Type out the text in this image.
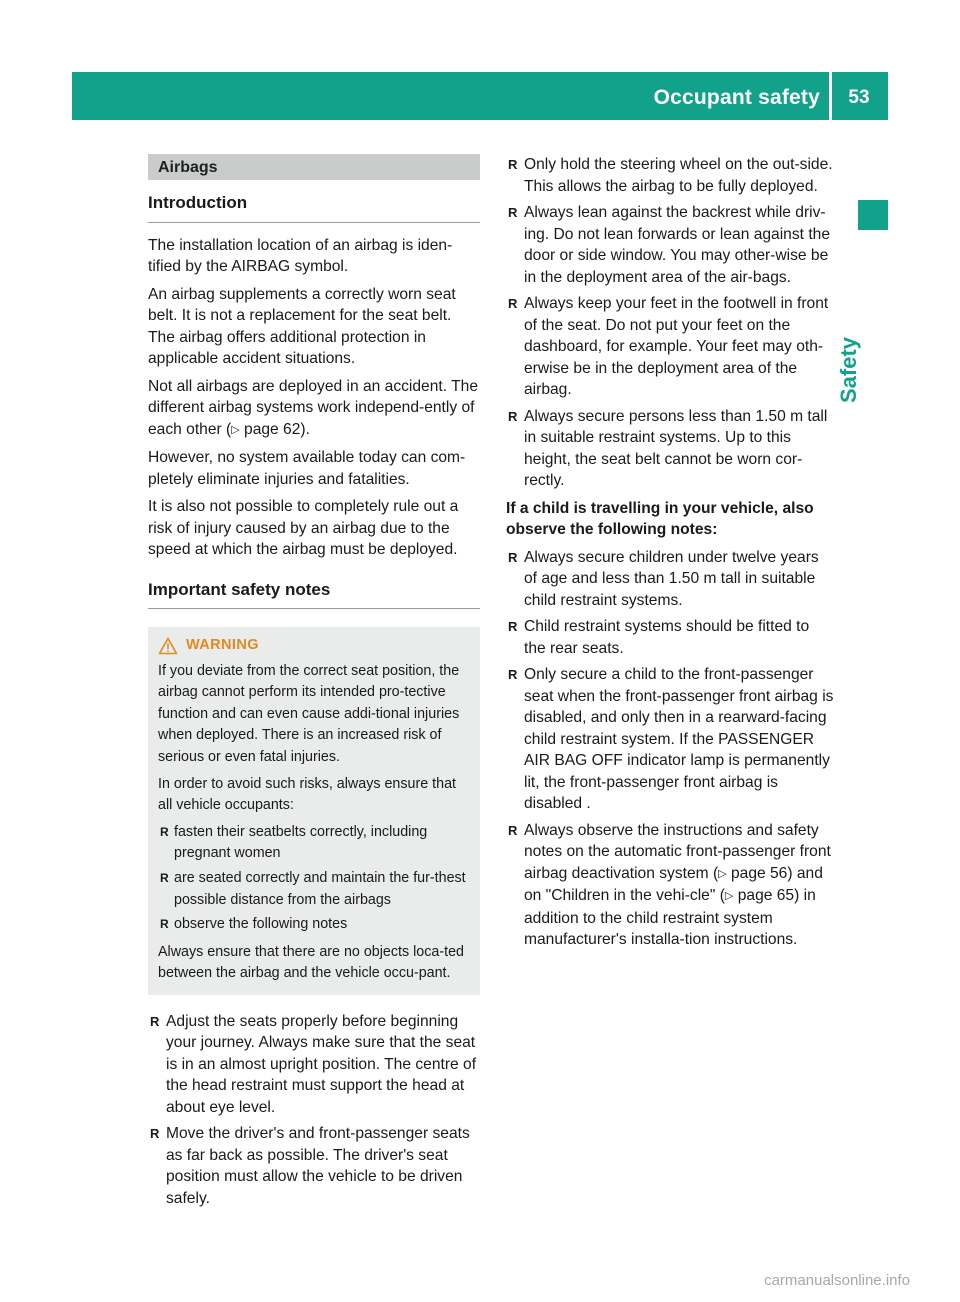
Occupant safety	53
Safety
Airbags
Introduction

The installation location of an airbag is iden-tified by the AIRBAG symbol.

An airbag supplements a correctly worn seat belt. It is not a replacement for the seat belt. The airbag offers additional protection in applicable accident situations.

Not all airbags are deployed in an accident. The different airbag systems work independ-ently of each other (▷ page 62).

However, no system available today can com-pletely eliminate injuries and fatalities.

It is also not possible to completely rule out a risk of injury caused by an airbag due to the speed at which the airbag must be deployed.

Important safety notes
WARNING

If you deviate from the correct seat position, the airbag cannot perform its intended pro-tective function and can even cause addi-tional injuries when deployed. There is an increased risk of serious or even fatal injuries.

In order to avoid such risks, always ensure that all vehicle occupants:

R fasten their seatbelts correctly, including pregnant women
R are seated correctly and maintain the fur-thest possible distance from the airbags
R observe the following notes

Always ensure that there are no objects loca-ted between the airbag and the vehicle occu-pant.

R Adjust the seats properly before beginning your journey. Always make sure that the seat is in an almost upright position. The centre of the head restraint must support the head at about eye level.
R Move the driver's and front-passenger seats as far back as possible. The driver's seat position must allow the vehicle to be driven safely.
R Only hold the steering wheel on the out-side. This allows the airbag to be fully deployed.
R Always lean against the backrest while driv-ing. Do not lean forwards or lean against the door or side window. You may other-wise be in the deployment area of the air-bags.
R Always keep your feet in the footwell in front of the seat. Do not put your feet on the dashboard, for example. Your feet may oth-erwise be in the deployment area of the airbag.
R Always secure persons less than 1.50 m tall in suitable restraint systems. Up to this height, the seat belt cannot be worn cor-rectly.

If a child is travelling in your vehicle, also observe the following notes:

R Always secure children under twelve years of age and less than 1.50 m tall in suitable child restraint systems.
R Child restraint systems should be fitted to the rear seats.
R Only secure a child to the front-passenger seat when the front-passenger front airbag is disabled, and only then in a rearward-facing child restraint system. If the PASSENGER AIR BAG OFF indicator lamp is permanently lit, the front-passenger front airbag is disabled .
R Always observe the instructions and safety notes on the automatic front-passenger front airbag deactivation system (▷ page 56) and on "Children in the vehi-cle" (▷ page 65) in addition to the child restraint system manufacturer's installa-tion instructions.
carmanualsonline.info
